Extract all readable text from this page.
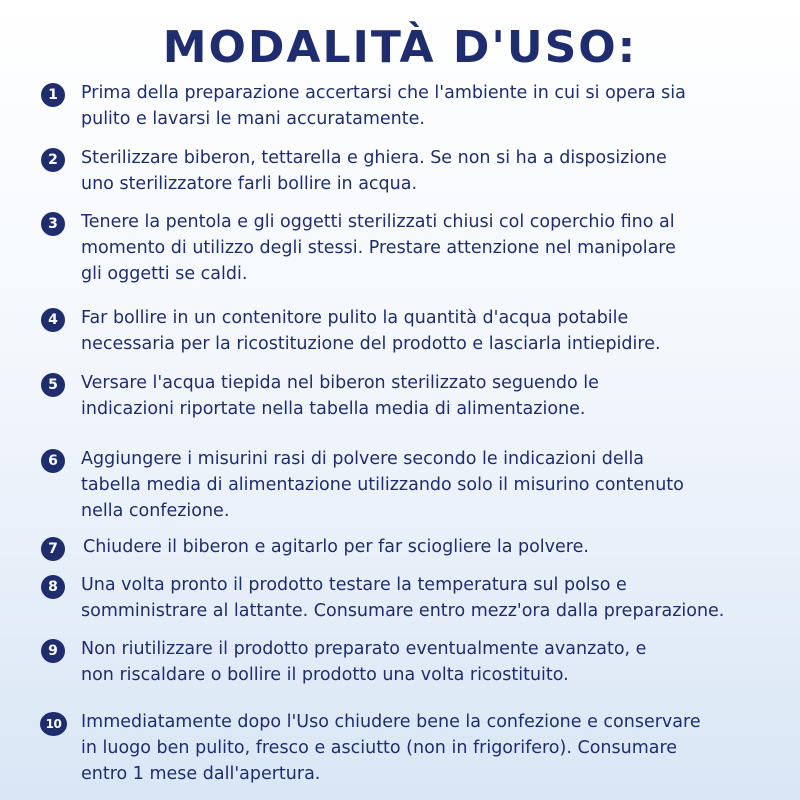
MODALITÀ D'USO:
1	Prima della preparazione accertarsi che l'ambiente in cui si opera sia
pulito e lavarsi le mani accuratamente.
2	Sterilizzare biberon, tettarella e ghiera. Se non si ha a disposizione
uno sterilizzatore farli bollire in acqua.
3	Tenere la pentola e gli oggetti sterilizzati chiusi col coperchio fino al
momento di utilizzo degli stessi. Prestare attenzione nel manipolare
gli oggetti se caldi.
4	Far bollire in un contenitore pulito la quantità d'acqua potabile
necessaria per la ricostituzione del prodotto e lasciarla intiepidire.
5	Versare l'acqua tiepida nel biberon sterilizzato seguendo le
indicazioni riportate nella tabella media di alimentazione.
6	Aggiungere i misurini rasi di polvere secondo le indicazioni della
tabella media di alimentazione utilizzando solo il misurino contenuto
nella confezione.
7	Chiudere il biberon e agitarlo per far sciogliere la polvere.
8	Una volta pronto il prodotto testare la temperatura sul polso e
somministrare al lattante. Consumare entro mezz'ora dalla preparazione.
9	Non riutilizzare il prodotto preparato eventualmente avanzato, e
non riscaldare o bollire il prodotto una volta ricostituito.
10	Immediatamente dopo l'Uso chiudere bene la confezione e conservare
in luogo ben pulito, fresco e asciutto (non in frigorifero). Consumare
entro 1 mese dall'apertura.
